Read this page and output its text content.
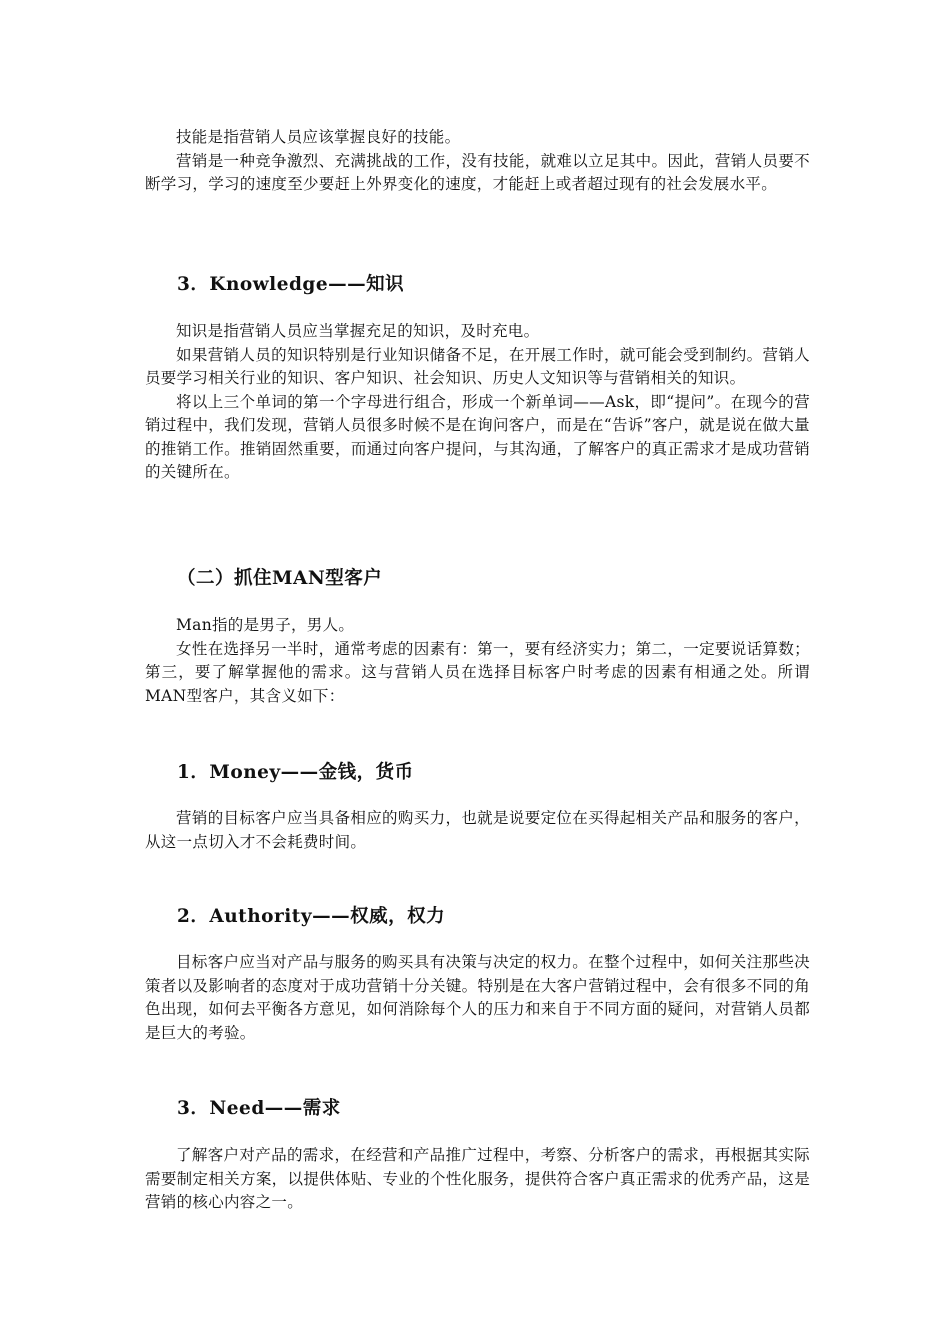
技能是指营销人员应该掌握良好的技能。

营销是一种竞争激烈、充满挑战的工作，没有技能，就难以立足其中。因此，营销人员要不断学习，学习的速度至少要赶上外界变化的速度，才能赶上或者超过现有的社会发展水平。

3．Knowledge——知识

知识是指营销人员应当掌握充足的知识，及时充电。

如果营销人员的知识特别是行业知识储备不足，在开展工作时，就可能会受到制约。营销人员要学习相关行业的知识、客户知识、社会知识、历史人文知识等与营销相关的知识。

将以上三个单词的第一个字母进行组合，形成一个新单词——Ask，即“提问”。在现今的营销过程中，我们发现，营销人员很多时候不是在询问客户，而是在“告诉”客户，就是说在做大量的推销工作。推销固然重要，而通过向客户提问，与其沟通，了解客户的真正需求才是成功营销的关键所在。

（二）抓住MAN型客户

Man指的是男子，男人。

女性在选择另一半时，通常考虑的因素有：第一，要有经济实力；第二，一定要说话算数；第三，要了解掌握他的需求。这与营销人员在选择目标客户时考虑的因素有相通之处。所谓MAN型客户，其含义如下：

1．Money——金钱，货币

营销的目标客户应当具备相应的购买力，也就是说要定位在买得起相关产品和服务的客户，从这一点切入才不会耗费时间。

2．Authority——权威，权力

目标客户应当对产品与服务的购买具有决策与决定的权力。在整个过程中，如何关注那些决策者以及影响者的态度对于成功营销十分关键。特别是在大客户营销过程中，会有很多不同的角色出现，如何去平衡各方意见，如何消除每个人的压力和来自于不同方面的疑问，对营销人员都是巨大的考验。

3．Need——需求

了解客户对产品的需求，在经营和产品推广过程中，考察、分析客户的需求，再根据其实际需要制定相关方案，以提供体贴、专业的个性化服务，提供符合客户真正需求的优秀产品，这是营销的核心内容之一。
